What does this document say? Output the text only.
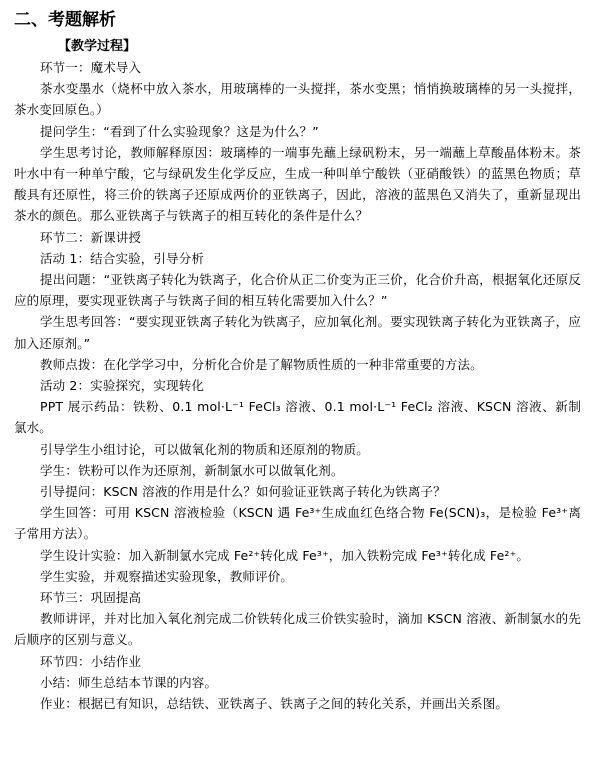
二、考题解析
【教学过程】

环节一：魔术导入

茶水变墨水（烧杯中放入茶水，用玻璃棒的一头搅拌，茶水变黑；悄悄换玻璃棒的另一头搅拌，茶水变回原色。）

提问学生：“看到了什么实验现象？这是为什么？”

学生思考讨论，教师解释原因：玻璃棒的一端事先蘸上绿矾粉末，另一端蘸上草酸晶体粉末。茶叶水中有一种单宁酸，它与绿矾发生化学反应，生成一种叫单宁酸铁（亚硝酸铁）的蓝黑色物质；草酸具有还原性，将三价的铁离子还原成两价的亚铁离子，因此，溶液的蓝黑色又消失了，重新显现出茶水的颜色。那么亚铁离子与铁离子的相互转化的条件是什么？

环节二：新课讲授

活动 1：结合实验，引导分析

提出问题：“亚铁离子转化为铁离子，化合价从正二价变为正三价，化合价升高，根据氧化还原反应的原理，要实现亚铁离子与铁离子间的相互转化需要加入什么？”

学生思考回答：“要实现亚铁离子转化为铁离子，应加氧化剂。要实现铁离子转化为亚铁离子，应加入还原剂。”

教师点拨：在化学学习中，分析化合价是了解物质性质的一种非常重要的方法。

活动 2：实验探究，实现转化

PPT 展示药品：铁粉、0.1 mol·L⁻¹ FeCl₃ 溶液、0.1 mol·L⁻¹ FeCl₂ 溶液、KSCN 溶液、新制氯水。

引导学生小组讨论，可以做氧化剂的物质和还原剂的物质。

学生：铁粉可以作为还原剂，新制氯水可以做氧化剂。

引导提问：KSCN 溶液的作用是什么？如何验证亚铁离子转化为铁离子？

学生回答：可用 KSCN 溶液检验（KSCN 遇 Fe³⁺生成血红色络合物 Fe(SCN)₃，是检验 Fe³⁺离子常用方法）。

学生设计实验：加入新制氯水完成 Fe²⁺转化成 Fe³⁺，加入铁粉完成 Fe³⁺转化成 Fe²⁺。

学生实验，并观察描述实验现象，教师评价。

环节三：巩固提高

教师讲评，并对比加入氧化剂完成二价铁转化成三价铁实验时，滴加 KSCN 溶液、新制氯水的先后顺序的区别与意义。

环节四：小结作业

小结：师生总结本节课的内容。

作业：根据已有知识，总结铁、亚铁离子、铁离子之间的转化关系，并画出关系图。
